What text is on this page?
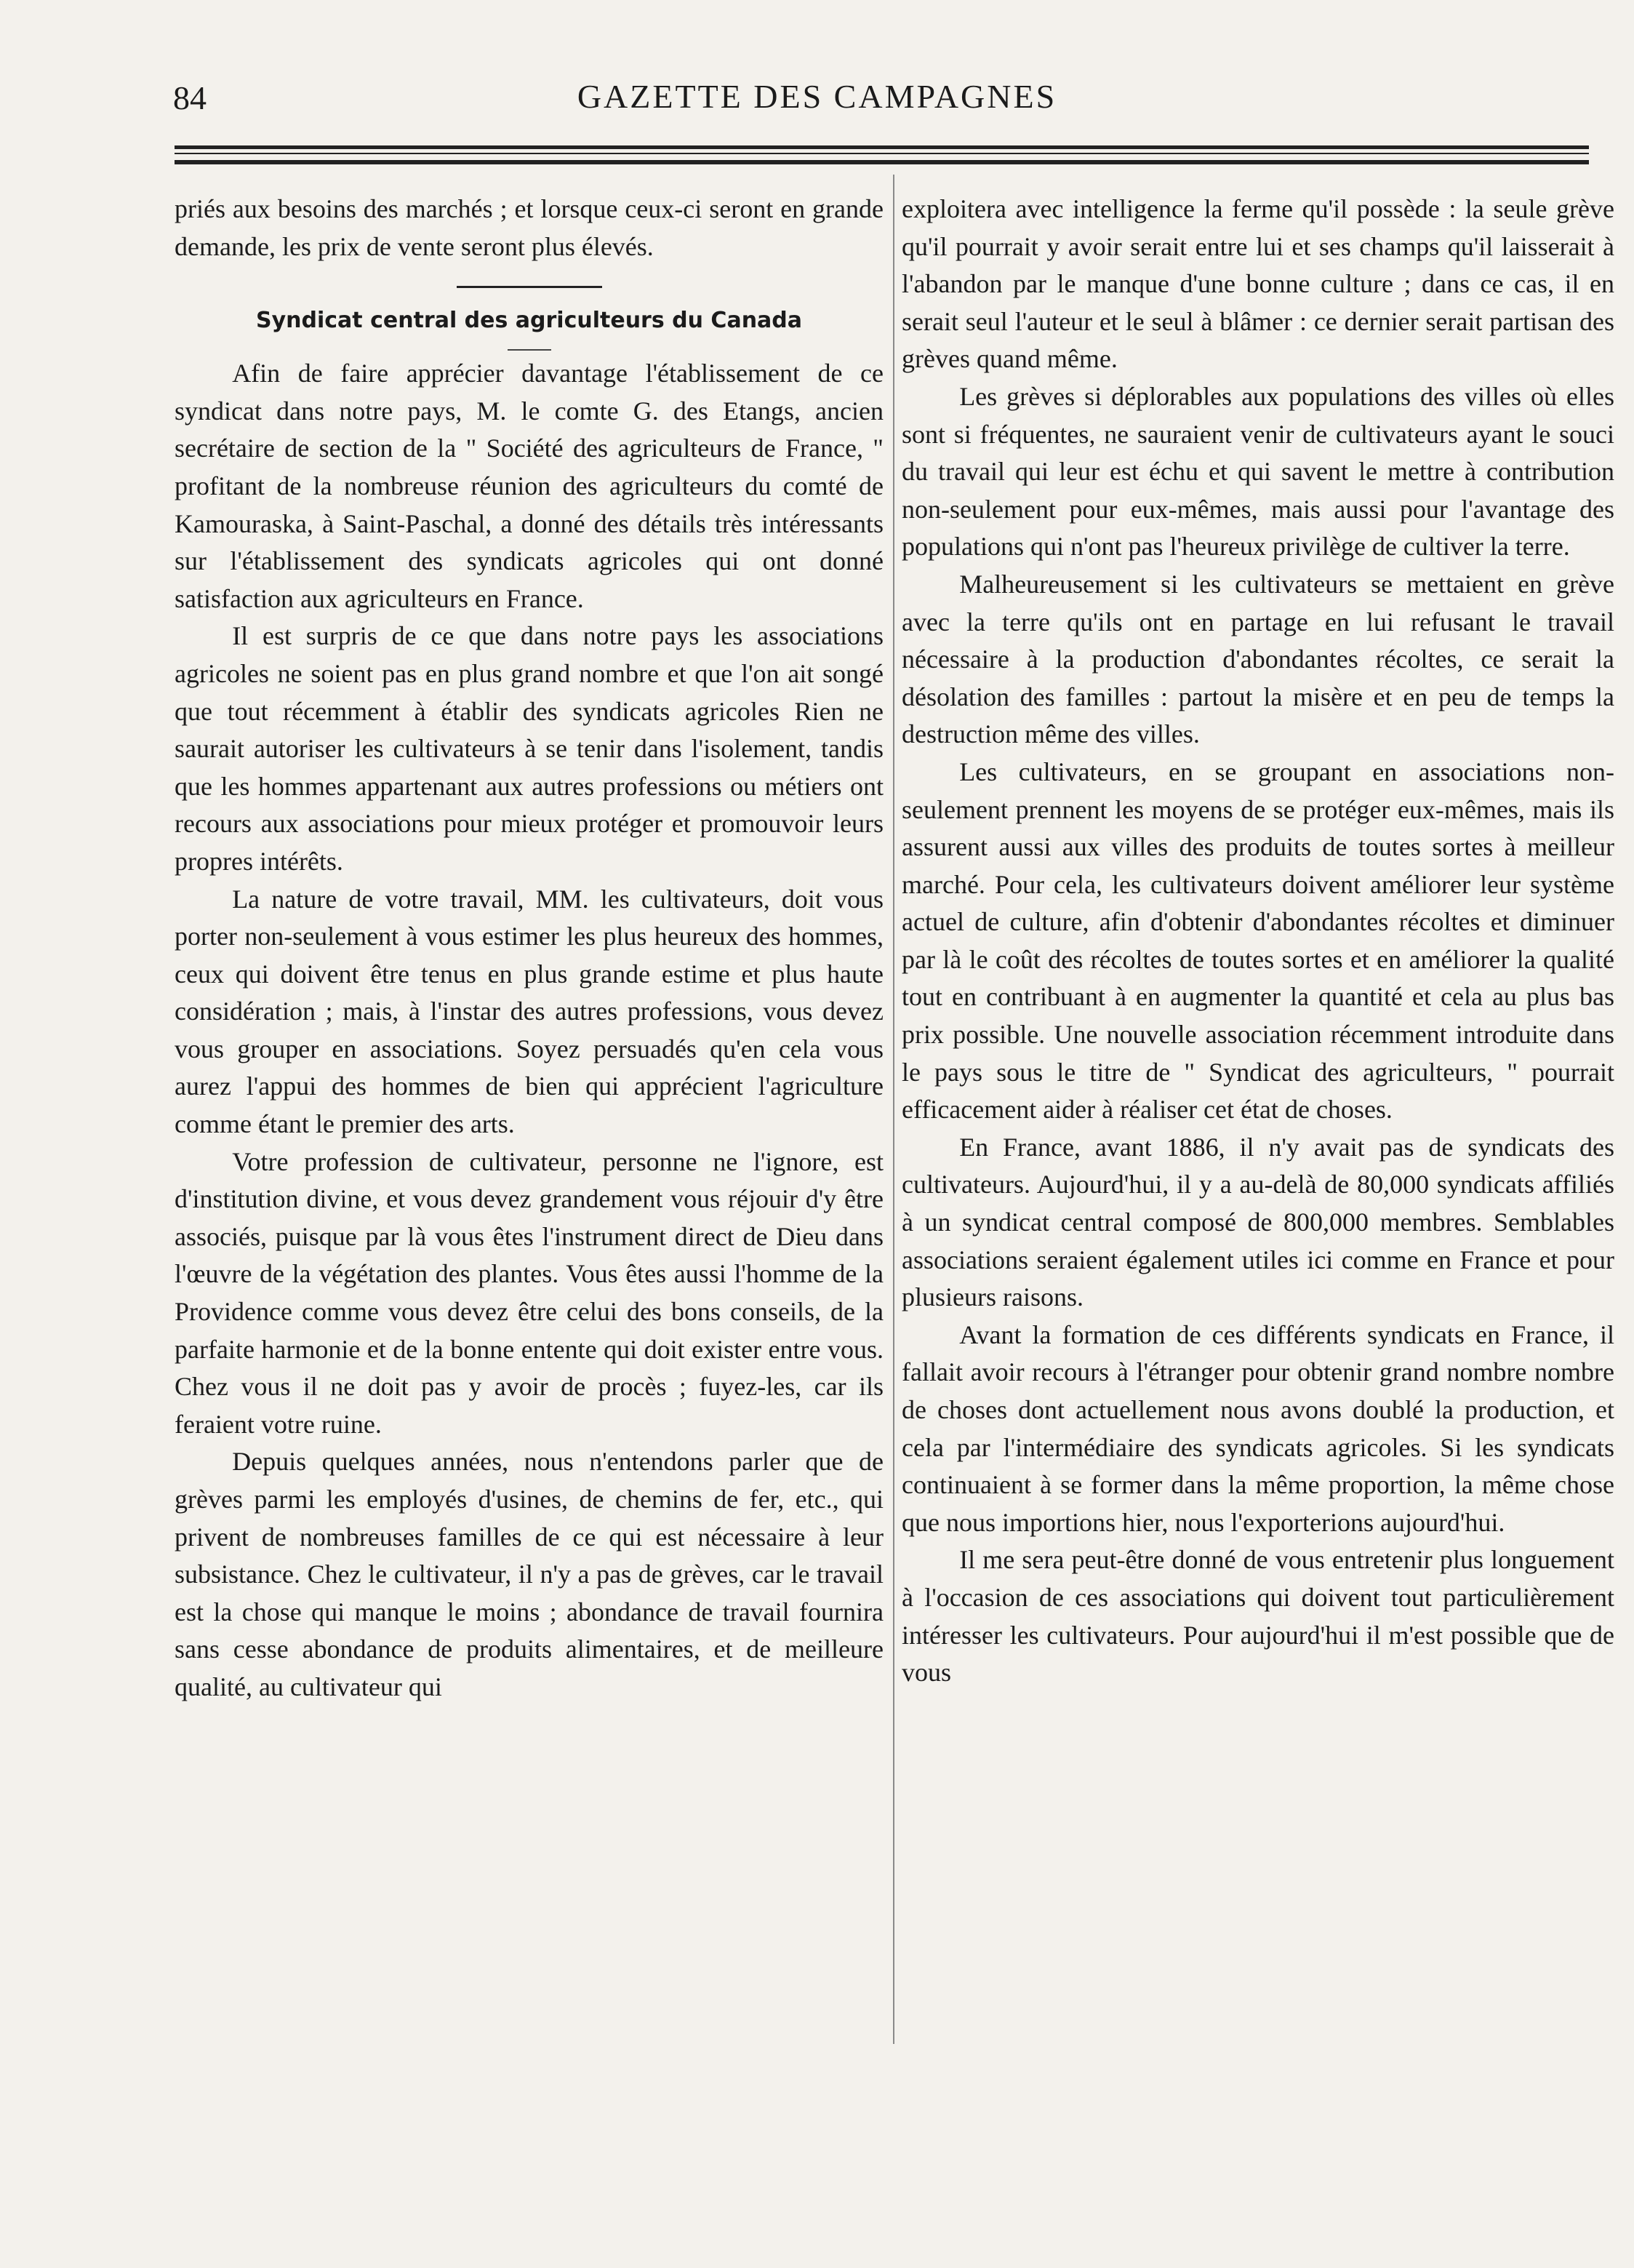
84	GAZETTE DES CAMPAGNES

priés aux besoins des marchés ; et lorsque ceux-ci seront en grande demande, les prix de vente seront plus élevés.

Syndicat central des agriculteurs du Canada

Afin de faire apprécier davantage l'établissement de ce syndicat dans notre pays, M. le comte G. des Etangs, ancien secrétaire de section de la " Société des agriculteurs de France, " profitant de la nombreuse réunion des agriculteurs du comté de Kamouraska, à Saint-Paschal, a donné des détails très intéressants sur l'établissement des syndicats agricoles qui ont donné satisfaction aux agriculteurs en France.

Il est surpris de ce que dans notre pays les associations agricoles ne soient pas en plus grand nombre et que l'on ait songé que tout récemment à établir des syndicats agricoles Rien ne saurait autoriser les cultivateurs à se tenir dans l'isolement, tandis que les hommes appartenant aux autres professions ou métiers ont recours aux associations pour mieux protéger et promouvoir leurs propres intérêts.

La nature de votre travail, MM. les cultivateurs, doit vous porter non-seulement à vous estimer les plus heureux des hommes, ceux qui doivent être tenus en plus grande estime et plus haute considération ; mais, à l'instar des autres professions, vous devez vous grouper en associations. Soyez persuadés qu'en cela vous aurez l'appui des hommes de bien qui apprécient l'agriculture comme étant le premier des arts.

Votre profession de cultivateur, personne ne l'ignore, est d'institution divine, et vous devez grandement vous réjouir d'y être associés, puisque par là vous êtes l'instrument direct de Dieu dans l'œuvre de la végétation des plantes. Vous êtes aussi l'homme de la Providence comme vous devez être celui des bons conseils, de la parfaite harmonie et de la bonne entente qui doit exister entre vous. Chez vous il ne doit pas y avoir de procès ; fuyez-les, car ils feraient votre ruine.

Depuis quelques années, nous n'entendons parler que de grèves parmi les employés d'usines, de chemins de fer, etc., qui privent de nombreuses familles de ce qui est nécessaire à leur subsistance. Chez le cultivateur, il n'y a pas de grèves, car le travail est la chose qui manque le moins ; abondance de travail fournira sans cesse abondance de produits alimentaires, et de meilleure qualité, au cultivateur qui

exploitera avec intelligence la ferme qu'il possède : la seule grève qu'il pourrait y avoir serait entre lui et ses champs qu'il laisserait à l'abandon par le manque d'une bonne culture ; dans ce cas, il en serait seul l'auteur et le seul à blâmer : ce dernier serait partisan des grèves quand même.

Les grèves si déplorables aux populations des villes où elles sont si fréquentes, ne sauraient venir de cultivateurs ayant le souci du travail qui leur est échu et qui savent le mettre à contribution non-seulement pour eux-mêmes, mais aussi pour l'avantage des populations qui n'ont pas l'heureux privilège de cultiver la terre.

Malheureusement si les cultivateurs se mettaient en grève avec la terre qu'ils ont en partage en lui refusant le travail nécessaire à la production d'abondantes récoltes, ce serait la désolation des familles : partout la misère et en peu de temps la destruction même des villes.

Les cultivateurs, en se groupant en associations non-seulement prennent les moyens de se protéger eux-mêmes, mais ils assurent aussi aux villes des produits de toutes sortes à meilleur marché. Pour cela, les cultivateurs doivent améliorer leur système actuel de culture, afin d'obtenir d'abondantes récoltes et diminuer par là le coût des récoltes de toutes sortes et en améliorer la qualité tout en contribuant à en augmenter la quantité et cela au plus bas prix possible. Une nouvelle association récemment introduite dans le pays sous le titre de " Syndicat des agriculteurs, " pourrait efficacement aider à réaliser cet état de choses.

En France, avant 1886, il n'y avait pas de syndicats des cultivateurs. Aujourd'hui, il y a au-delà de 80,000 syndicats affiliés à un syndicat central composé de 800,000 membres. Semblables associations seraient également utiles ici comme en France et pour plusieurs raisons.

Avant la formation de ces différents syndicats en France, il fallait avoir recours à l'étranger pour obtenir grand nombre nombre de choses dont actuellement nous avons doublé la production, et cela par l'intermédiaire des syndicats agricoles. Si les syndicats continuaient à se former dans la même proportion, la même chose que nous importions hier, nous l'exporterions aujourd'hui.

Il me sera peut-être donné de vous entretenir plus longuement à l'occasion de ces associations qui doivent tout particulièrement intéresser les cultivateurs. Pour aujourd'hui il m'est possible que de vous
